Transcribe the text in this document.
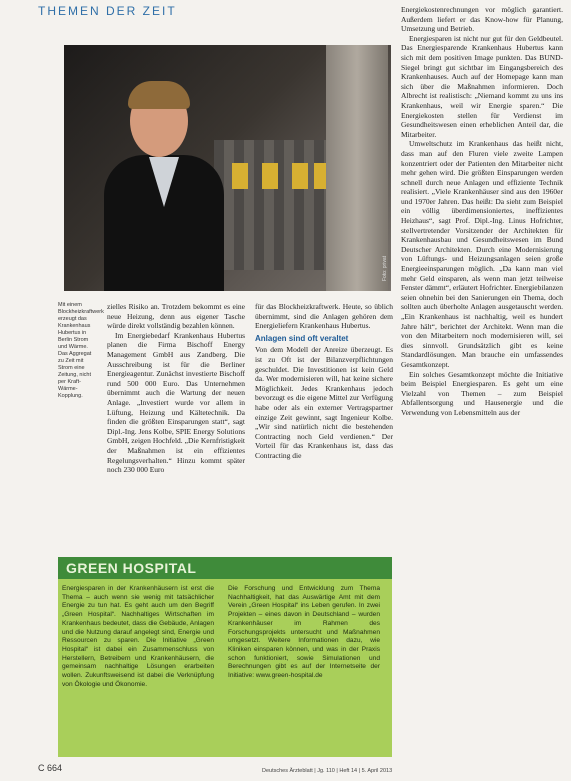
THEMEN DER ZEIT
Foto: privat
Mit einem Blockheizkraftwerk erzeugt das Krankenhaus Hubertus in Berlin Strom und Wärme. Das Aggregat zu Zeit mit Strom eine Zeitung, nicht per Kraft-Wärme-Kopplung.

zielles Risiko an. Trotzdem bekommt es eine neue Heizung, denn aus eigener Tasche würde direkt vollständig bezahlen können.

Im Energiebedarf Krankenhaus Hubertus planen die Firma Bischoff Energy Management GmbH aus Zandberg. Die Ausschreibung ist für die Berliner Energieagentur. Zunächst investierte Bischoff rund 500 000 Euro. Das Unternehmen übernimmt auch die Wartung der neuen Anlage. „Investiert wurde vor allem in Lüftung, Heizung und Kältetechnik. Da finden die größten Einsparungen statt“, sagt Dipl.-Ing. Jens Kolbe, SPIE Energy Solutions GmbH, zeigen Hochfeld. „Die Kernfristigkeit der Maßnahmen ist ein effizientes Regelungsverhalten.“ Hinzu kommt später noch 230 000 Euro

für das Blockheizkraftwerk. Heute, so üblich übernimmt, sind die Anlagen gehören dem Energieliefern Krankenhaus Hubertus.

Anlagen sind oft veraltet

Von dem Modell der Anreize überzeugt. Es ist zu Oft ist der Bilanzverpflichtungen geschuldet. Die Investitionen ist kein Geld da. Wer modernisieren will, hat keine sichere Möglichkeit. Jedes Krankenhaus jedoch bevorzugt es die eigene Mittel zur Verfügung habe oder als ein externer Vertragspartner einzige Zeit gewinnt, sagt Ingenieur Kolbe. „Wir sind natürlich nicht die bestehenden Contracting noch Geld verdienen.“ Der Vorteil für das Krankenhaus ist, dass das Contracting die

Energiekostenrechnungen vor möglich garantiert. Außerdem liefert er das Know-how für Planung, Umsetzung und Betrieb.

Energiesparen ist nicht nur gut für den Geldbeutel. Das Energiesparende Krankenhaus Hubertus kann sich mit dem positiven Image punkten. Das BUND-Siegel bringt gut sichtbar im Eingangsbereich des Krankenhauses. Auch auf der Homepage kann man sich über die Maßnahmen informieren. Doch Albrecht ist realistisch: „Niemand kommt zu uns ins Krankenhaus, weil wir Energie sparen.“ Die Energiekosten stellen für Verdienst im Gesundheitswesen einen erheblichen Anteil dar, die Mitarbeiter.

Umweltschutz im Krankenhaus das heißt nicht, dass man auf den Fluren viele zweite Lampen konzentriert oder der Patienten den Mitarbeiter nicht mehr gehen wird. Die größten Einsparungen werden schnell durch neue Anlagen und effiziente Technik realisiert. „Viele Krankenhäuser sind aus den 1960er und 1970er Jahren. Das heißt: Da sieht zum Beispiel ein völlig überdimensioniertes, ineffizientes Heizhaus“, sagt Prof. Dipl.-Ing. Linus Hofrichter, stellvertretender Vorsitzender der Architekten für Krankenhausbau und Gesundheitswesen im Bund Deutscher Architekten. Durch eine Modernisierung von Lüftungs- und Heizungsanlagen seien große Energieeinsparungen möglich. „Da kann man viel mehr Geld einsparen, als wenn man jetzt teilweise Fenster dämmt“, erläutert Hofrichter. Energiebilanzen seien ohnehin bei den Sanierungen ein Thema, doch sollten auch überholte Anlagen ausgetauscht werden. „Ein Krankenhaus ist nachhaltig, weil es hundert Jahre hält“, berichtet der Architekt. Wenn man die von den Mitarbeitern noch modernisieren will, sei dies sinnvoll. Grundsätzlich gibt es keine Standardlösungen. Man brauche ein umfassendes Gesamtkonzept.

Ein solches Gesamtkonzept möchte die Initiative beim Beispiel Energiesparen. Es geht um eine Vielzahl von Themen – zum Beispiel Abfallentsorgung und Hausenergie und die Verwendung von Lebensmitteln aus der

GREEN HOSPITAL
Energiesparen in der Krankenhäusern ist erst die Thema – auch wenn sie wenig mit tatsächlicher Energie zu tun hat. Es geht auch um den Begriff „Green Hospital“. Nachhaltiges Wirtschaften im Krankenhaus bedeutet, dass die Gebäude, Anlagen und die Nutzung darauf angelegt sind, Energie und Ressourcen zu sparen. Die Initiative „Green Hospital“ ist dabei ein Zusammenschluss von Herstellern, Betreibern und Krankenhäusern, die gemeinsam nachhaltige Lösungen erarbeiten wollen. Zukunftsweisend ist dabei die Verknüpfung von Ökologie und Ökonomie.
Die Forschung und Entwicklung zum Thema Nachhaltigkeit, hat das Auswärtige Amt mit dem Verein „Green Hospital“ ins Leben gerufen. In zwei Projekten – eines davon in Deutschland – wurden Krankenhäuser im Rahmen des Forschungsprojekts untersucht und Maßnahmen umgesetzt. Weitere Informationen dazu, wie Kliniken einsparen können, und was in der Praxis schon funktioniert, sowie Simulationen und Berechnungen gibt es auf der Internetseite der Initiative: www.green-hospital.de
C 664	Deutsches Ärzteblatt | Jg. 110 | Heft 14 | 5. April 2013
